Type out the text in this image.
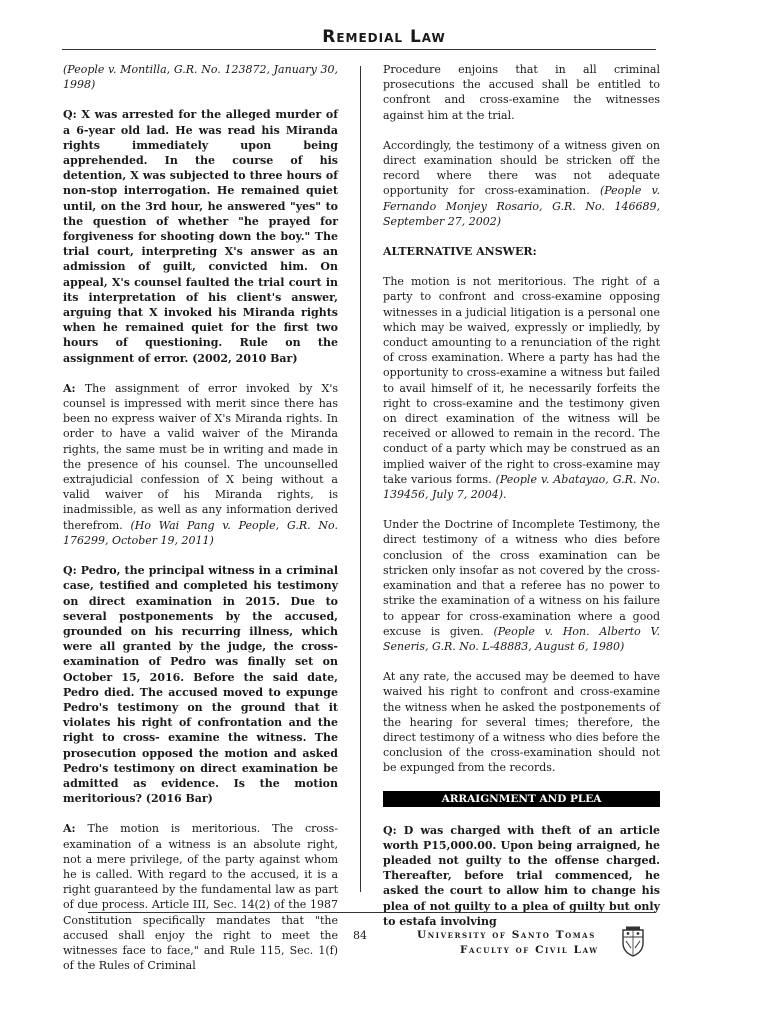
Remedial Law

(People v. Montilla, G.R. No. 123872, January 30, 1998)

Q: X was arrested for the alleged murder of a 6-year old lad. He was read his Miranda rights immediately upon being apprehended. In the course of his detention, X was subjected to three hours of non-stop interrogation. He remained quiet until, on the 3rd hour, he answered "yes" to the question of whether "he prayed for forgiveness for shooting down the boy." The trial court, interpreting X's answer as an admission of guilt, convicted him. On appeal, X's counsel faulted the trial court in its interpretation of his client's answer, arguing that X invoked his Miranda rights when he remained quiet for the first two hours of questioning. Rule on the assignment of error. (2002, 2010 Bar)

A: The assignment of error invoked by X's counsel is impressed with merit since there has been no express waiver of X's Miranda rights. In order to have a valid waiver of the Miranda rights, the same must be in writing and made in the presence of his counsel. The uncounselled extrajudicial confession of X being without a valid waiver of his Miranda rights, is inadmissible, as well as any information derived therefrom. (Ho Wai Pang v. People, G.R. No. 176299, October 19, 2011)

Q: Pedro, the principal witness in a criminal case, testified and completed his testimony on direct examination in 2015. Due to several postponements by the accused, grounded on his recurring illness, which were all granted by the judge, the cross-examination of Pedro was finally set on October 15, 2016. Before the said date, Pedro died. The accused moved to expunge Pedro's testimony on the ground that it violates his right of confrontation and the right to cross- examine the witness. The prosecution opposed the motion and asked Pedro's testimony on direct examination be admitted as evidence. Is the motion meritorious? (2016 Bar)

A: The motion is meritorious. The cross-examination of a witness is an absolute right, not a mere privilege, of the party against whom he is called. With regard to the accused, it is a right guaranteed by the fundamental law as part of due process. Article III, Sec. 14(2) of the 1987 Constitution specifically mandates that "the accused shall enjoy the right to meet the witnesses face to face," and Rule 115, Sec. 1(f) of the Rules of Criminal

Procedure enjoins that in all criminal prosecutions the accused shall be entitled to confront and cross-examine the witnesses against him at the trial.

Accordingly, the testimony of a witness given on direct examination should be stricken off the record where there was not adequate opportunity for cross-examination. (People v. Fernando Monjey Rosario, G.R. No. 146689, September 27, 2002)

ALTERNATIVE ANSWER:

The motion is not meritorious. The right of a party to confront and cross-examine opposing witnesses in a judicial litigation is a personal one which may be waived, expressly or impliedly, by conduct amounting to a renunciation of the right of cross examination. Where a party has had the opportunity to cross-examine a witness but failed to avail himself of it, he necessarily forfeits the right to cross-examine and the testimony given on direct examination of the witness will be received or allowed to remain in the record. The conduct of a party which may be construed as an implied waiver of the right to cross-examine may take various forms. (People v. Abatayao, G.R. No. 139456, July 7, 2004).

Under the Doctrine of Incomplete Testimony, the direct testimony of a witness who dies before conclusion of the cross examination can be stricken only insofar as not covered by the cross-examination and that a referee has no power to strike the examination of a witness on his failure to appear for cross-examination where a good excuse is given. (People v. Hon. Alberto V. Seneris, G.R. No. L-48883, August 6, 1980)

At any rate, the accused may be deemed to have waived his right to confront and cross-examine the witness when he asked the postponements of the hearing for several times; therefore, the direct testimony of a witness who dies before the conclusion of the cross-examination should not be expunged from the records.

ARRAIGNMENT AND PLEA

Q: D was charged with theft of an article worth P15,000.00. Upon being arraigned, he pleaded not guilty to the offense charged. Thereafter, before trial commenced, he asked the court to allow him to change his plea of not guilty to a plea of guilty but only to estafa involving

84	University of Santo Tomas
Faculty of Civil Law
